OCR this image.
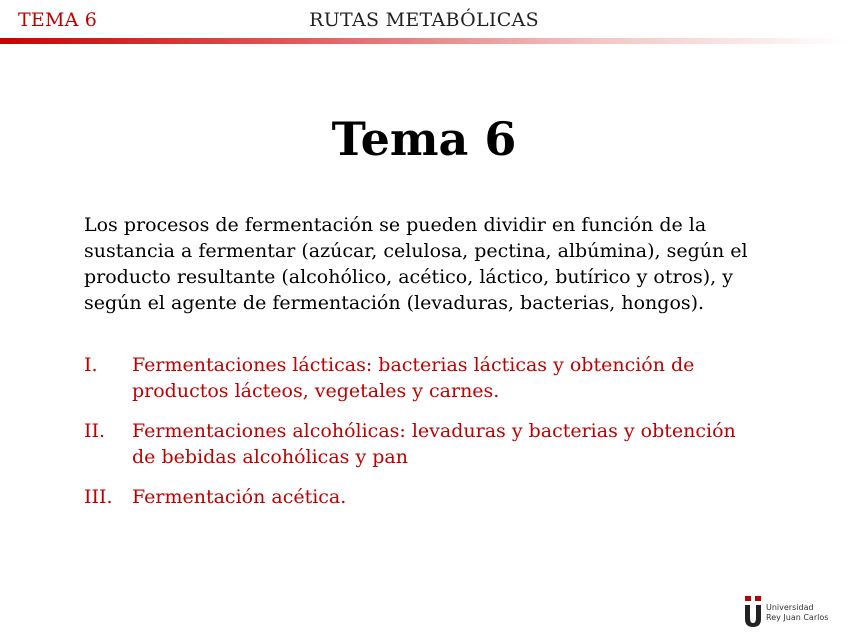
TEMA 6	RUTAS METABÓLICAS
Tema 6

Los procesos de fermentación se pueden dividir en función de la sustancia a fermentar (azúcar, celulosa, pectina, albúmina), según el producto resultante (alcohólico, acético, láctico, butírico y otros), y según el agente de fermentación (levaduras, bacterias, hongos).

I. Fermentaciones lácticas: bacterias lácticas y obtención de productos lácteos, vegetales y carnes.
II. Fermentaciones alcohólicas: levaduras y bacterias y obtención de bebidas alcohólicas y pan
III. Fermentación acética.
Universidad
Rey Juan Carlos
